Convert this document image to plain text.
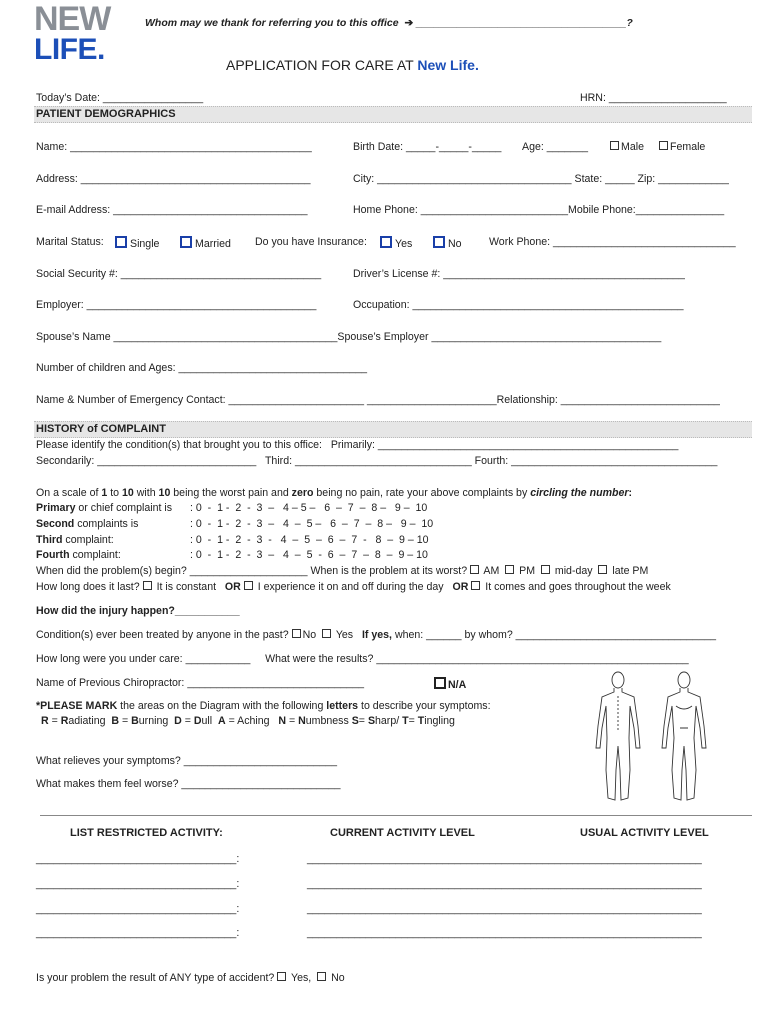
NEW
LIFE.
Whom may we thank for referring you to this office ➔ ____________________________________?
APPLICATION FOR CARE AT New Life.
Today’s Date: _________________	HRN: ____________________
PATIENT DEMOGRAPHICS
Name: _________________________________________	Birth Date: _____-_____-_____ Age: _______	Male	Female
Address: _______________________________________	City: _________________________________ State: _____ Zip: ____________
E-mail Address: _________________________________	Home Phone: _________________________Mobile Phone:_______________
Marital Status:	Single	Married Do you have Insurance:	Yes	No	Work Phone: _______________________________
Social Security #: __________________________________	Driver’s License #: _________________________________________
Employer: _______________________________________	Occupation: ______________________________________________
Spouse’s Name ______________________________________Spouse’s Employer _______________________________________
Number of children and Ages: ________________________________
Name & Number of Emergency Contact: _______________________ ______________________Relationship: ___________________________
HISTORY of COMPLAINT
Please identify the condition(s) that brought you to this office:   Primarily: ___________________________________________________
Secondarily: ___________________________   Third: ______________________________ Fourth: ___________________________________
On a scale of 1 to 10 with 10 being the worst pain and zero being no pain, rate your above complaints by circling the number:
Primary or chief complaint is : 0  -  1 -  2  -  3  –   4 – 5 –   6  –  7  –  8 –   9 –  10
Second complaints is	: 0  -  1 -  2  -  3  –   4  –  5 –   6  –  7  –  8 –   9 –  10
Third complaint:	: 0  -  1 -  2  -  3  -   4  –  5  –  6  –  7  -   8  –  9 – 10
Fourth complaint:	: 0  -  1 -  2  -  3  –   4  –  5  -  6  –  7  –  8  –  9 – 10
When did the problem(s) begin? ____________________ When is the problem at its worst? AM PM mid-day late PM
How long does it last? It is constant OR I experience it on and off during the day OR It comes and goes throughout the week
How did the injury happen?___________
Condition(s) ever been treated by anyone in the past? No Yes If yes, when: ______ by whom? __________________________________
How long were you under care: ___________     What were the results? _____________________________________________________
Name of Previous Chiropractor: ______________________________	N/A
*PLEASE MARK the areas on the Diagram with the following letters to describe your symptoms:
R = Radiating  B = Burning  D = Dull  A = Aching   N = Numbness S= Sharp/ T= Tingling
What relieves your symptoms? __________________________
What makes them feel worse? ___________________________
LIST RESTRICTED ACTIVITY:	CURRENT ACTIVITY LEVEL	USUAL ACTIVITY LEVEL
__________________________________:	___________________________________________________________________
__________________________________:	___________________________________________________________________
__________________________________:	___________________________________________________________________
__________________________________:	___________________________________________________________________
Is your problem the result of ANY type of accident? Yes, No
